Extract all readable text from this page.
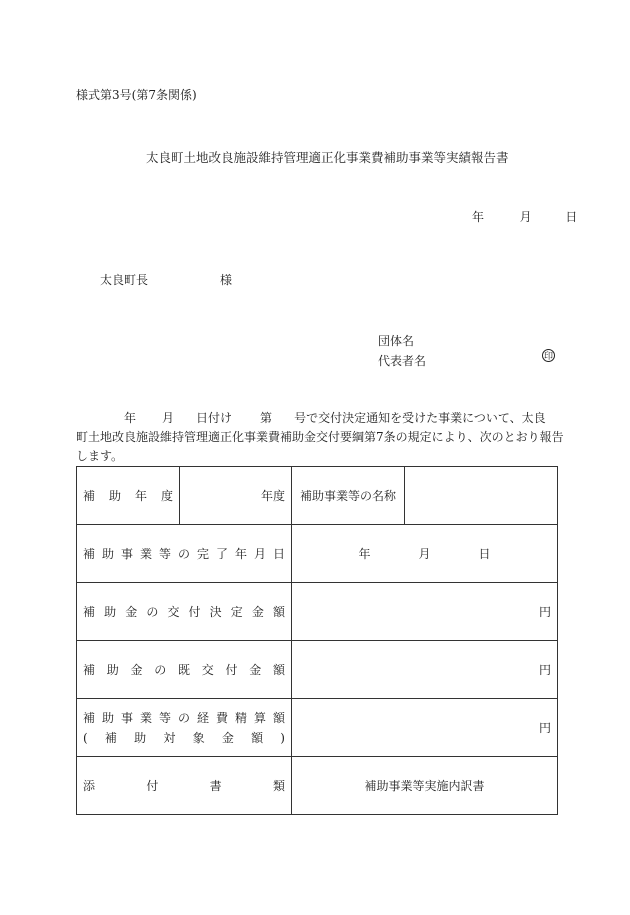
様式第3号(第7条関係)
太良町土地改良施設維持管理適正化事業費補助事業等実績報告書
年	月	日
太良町長	様
団体名
代表者名	印
年 月 日付け 第 号で交付決定通知を受けた事業について、太良
町土地改良施設維持管理適正化事業費補助金交付要綱第7条の規定により、次のとおり報告
します。
補助年度	年度	補助事業等の名称	
補助事業等の完了年月日		年 月 日	
補助金の交付決定金額		円	
補助金の既交付金額		円	

補助事業等の経費精算額
(補助対象金額)		円	
添付書類		補助事業等実施内訳書	
